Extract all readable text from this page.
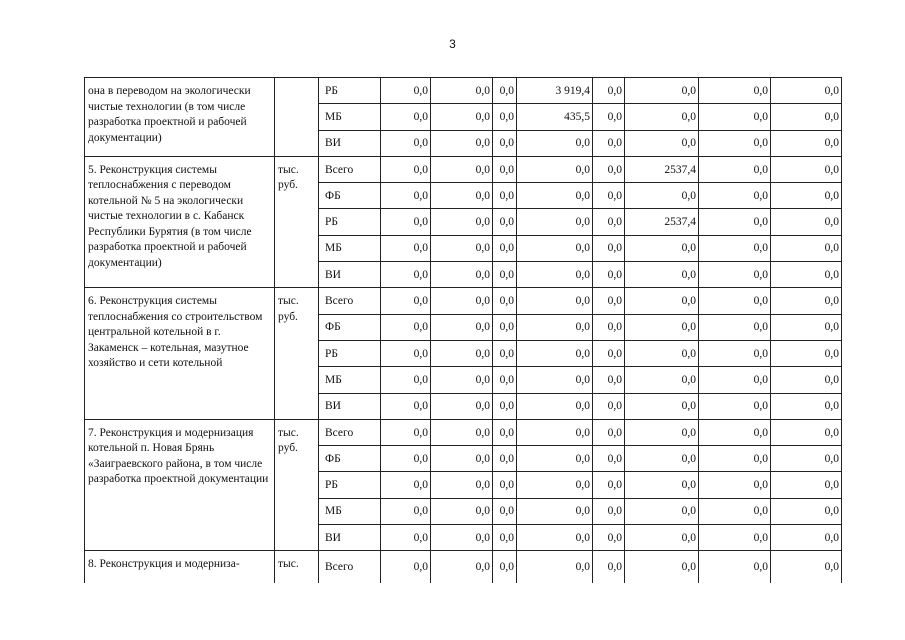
3
она в переводом на экологически чистые технологии (в том числе разработка проектной и рабочей документации)		РБ	0,0	0,0	0,0	3 919,4	0,0	0,0	0,0	0,0
		МБ	0,0	0,0	0,0	435,5	0,0	0,0	0,0	0,0
		ВИ	0,0	0,0	0,0	0,0	0,0	0,0	0,0	0,0
5. Реконструкция системы теплоснабжения с переводом котельной № 5 на экологически чистые технологии в с. Кабанск Республики Бурятия (в том числе разработка проектной и рабочей документации)	тыс. руб.	Всего	0,0	0,0	0,0	0,0	0,0	2537,4	0,0	0,0
		ФБ	0,0	0,0	0,0	0,0	0,0	0,0	0,0	0,0
		РБ	0,0	0,0	0,0	0,0	0,0	2537,4	0,0	0,0
		МБ	0,0	0,0	0,0	0,0	0,0	0,0	0,0	0,0
		ВИ	0,0	0,0	0,0	0,0	0,0	0,0	0,0	0,0
6. Реконструкция системы теплоснабжения со строительством центральной котельной в г. Закаменск – котельная, мазутное хозяйство и сети котельной	тыс. руб.	Всего	0,0	0,0	0,0	0,0	0,0	0,0	0,0	0,0
		ФБ	0,0	0,0	0,0	0,0	0,0	0,0	0,0	0,0
		РБ	0,0	0,0	0,0	0,0	0,0	0,0	0,0	0,0
		МБ	0,0	0,0	0,0	0,0	0,0	0,0	0,0	0,0
		ВИ	0,0	0,0	0,0	0,0	0,0	0,0	0,0	0,0
7. Реконструкция и модернизация котельной п. Новая Брянь «Заиграевского района, в том числе разработка проектной документации	тыс. руб.	Всего	0,0	0,0	0,0	0,0	0,0	0,0	0,0	0,0
		ФБ	0,0	0,0	0,0	0,0	0,0	0,0	0,0	0,0
		РБ	0,0	0,0	0,0	0,0	0,0	0,0	0,0	0,0
		МБ	0,0	0,0	0,0	0,0	0,0	0,0	0,0	0,0
		ВИ	0,0	0,0	0,0	0,0	0,0	0,0	0,0	0,0
8. Реконструкция и модерниза-	тыс.	Всего	0,0	0,0	0,0	0,0	0,0	0,0	0,0	0,0
